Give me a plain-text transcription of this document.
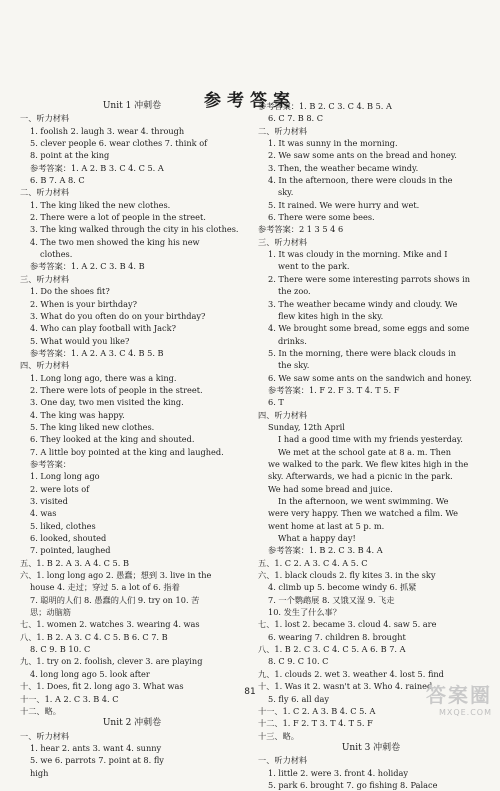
参考答案
Unit 1 冲刺卷
一、听力材料
1. foolish 2. laugh 3. wear 4. through
5. clever people 6. wear clothes 7. think of
8. point at the king
参考答案：1. A 2. B 3. C 4. C 5. A
6. B 7. A 8. C
二、听力材料
1. The king liked the new clothes.
2. There were a lot of people in the street.
3. The king walked through the city in his clothes.
4. The two men showed the king his new
clothes.
参考答案：1. A 2. C 3. B 4. B
三、听力材料
1. Do the shoes fit?
2. When is your birthday?
3. What do you often do on your birthday?
4. Who can play football with Jack?
5. What would you like?
参考答案：1. A 2. A 3. C 4. B 5. B
四、听力材料
1. Long long ago, there was a king.
2. There were lots of people in the street.
3. One day, two men visited the king.
4. The king was happy.
5. The king liked new clothes.
6. They looked at the king and shouted.
7. A little boy pointed at the king and laughed.
参考答案：
1. Long long ago
2. were lots of
3. visited
4. was
5. liked, clothes
6. looked, shouted
7. pointed, laughed
五、1. B 2. A 3. A 4. C 5. B
六、1. long long ago 2. 愚蠢；想到 3. live in the
house 4. 走过；穿过 5. a lot of 6. 指着
7. 聪明的人们 8. 愚蠢的人们 9. try on 10. 苦
思；动脑筋
七、1. women 2. watches 3. wearing 4. was
八、1. B 2. A 3. C 4. C 5. B 6. C 7. B
8. C 9. B 10. C
九、1. try on 2. foolish, clever 3. are playing
4. long long ago 5. look after
十、1. Does, fit 2. long ago 3. What was
十一、1. A 2. C 3. B 4. C
十二、略。
Unit 2 冲刺卷
一、听力材料
1. hear 2. ants 3. want 4. sunny
5. we 6. parrots 7. point at 8. fly
high
参考答案：1. B 2. C 3. C 4. B 5. A
6. C 7. B 8. C
二、听力材料
1. It was sunny in the morning.
2. We saw some ants on the bread and honey.
3. Then, the weather became windy.
4. In the afternoon, there were clouds in the
sky.
5. It rained. We were hurry and wet.
6. There were some bees.
参考答案：2 1 3 5 4 6
三、听力材料
1. It was cloudy in the morning. Mike and I
went to the park.
2. There were some interesting parrots shows in
the zoo.
3. The weather became windy and cloudy. We
flew kites high in the sky.
4. We brought some bread, some eggs and some
drinks.
5. In the morning, there were black clouds in
the sky.
6. We saw some ants on the sandwich and honey.
参考答案：1. F 2. F 3. T 4. T 5. F
6. T
四、听力材料
Sunday, 12th April
I had a good time with my friends yesterday.
We met at the school gate at 8 a. m. Then
we walked to the park. We flew kites high in the
sky. Afterwards, we had a picnic in the park.
We had some bread and juice.
In the afternoon, we went swimming. We
were very happy. Then we watched a film. We
went home at last at 5 p. m.
What a happy day!
参考答案：1. B 2. C 3. B 4. A
五、1. C 2. A 3. C 4. A 5. C
六、1. black clouds 2. fly kites 3. in the sky
4. climb up 5. become windy 6. 抓紧
7. 一个鹦鹉展 8. 又饿又湿 9. 飞走
10. 发生了什么事？
七、1. lost 2. became 3. cloud 4. saw 5. are
6. wearing 7. children 8. brought
八、1. B 2. C 3. C 4. C 5. A 6. B 7. A
8. C 9. C 10. C
九、1. clouds 2. wet 3. weather 4. lost 5. find
十、1. Was it 2. wasn't at 3. Who 4. rained
5. fly 6. all day
十一、1. C 2. A 3. B 4. C 5. A
十二、1. F 2. T 3. T 4. T 5. F
十三、略。
Unit 3 冲刺卷
一、听力材料
1. little 2. were 3. front 4. holiday
5. park 6. brought 7. go fishing 8. Palace
81	答案圈
MXQE.COM
